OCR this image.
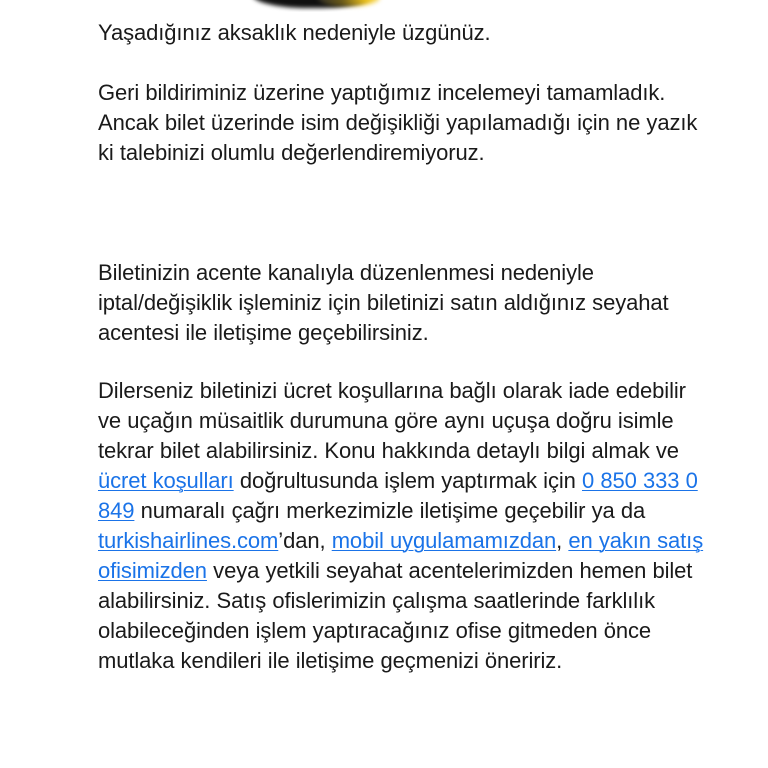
Yaşadığınız aksaklık nedeniyle üzgünüz.

Geri bildiriminiz üzerine yaptığımız incelemeyi tamamladık. Ancak bilet üzerinde isim değişikliği yapılamadığı için ne yazık ki talebinizi olumlu değerlendiremiyoruz.

Biletinizin acente kanalıyla düzenlenmesi nedeniyle iptal/değişiklik işleminiz için biletinizi satın aldığınız seyahat acentesi ile iletişime geçebilirsiniz.

Dilerseniz biletinizi ücret koşullarına bağlı olarak iade edebilir ve uçağın müsaitlik durumuna göre aynı uçuşa doğru isimle tekrar bilet alabilirsiniz. Konu hakkında detaylı bilgi almak ve ücret koşulları doğrultusunda işlem yaptırmak için 0 850 333 0 849 numaralı çağrı merkezimizle iletişime geçebilir ya da turkishairlines.com’dan, mobil uygulamamızdan, en yakın satış ofisimizden veya yetkili seyahat acentelerimizden hemen bilet alabilirsiniz. Satış ofislerimizin çalışma saatlerinde farklılık olabileceğinden işlem yaptıracağınız ofise gitmeden önce mutlaka kendileri ile iletişime geçmenizi öneririz.
